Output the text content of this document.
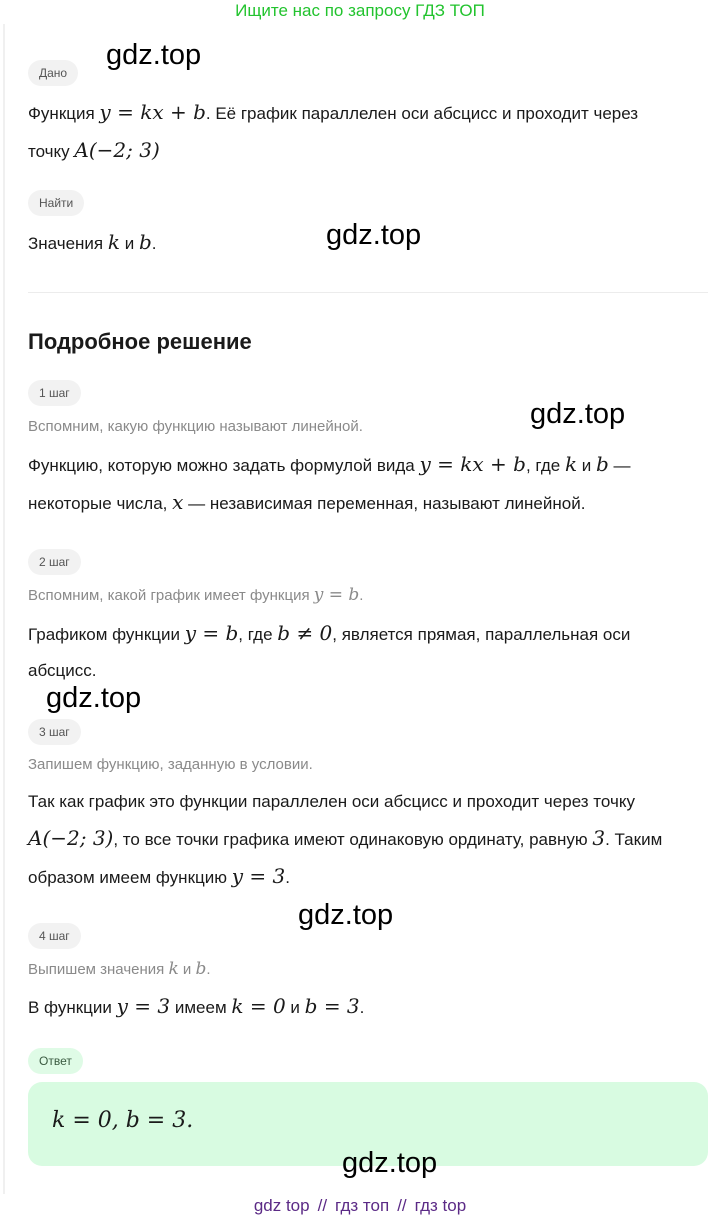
Ищите нас по запросу ГДЗ ТОП
Дано
Функция y = kx + b. Её график параллелен оси абсцисс и проходит через
точку A(−2; 3)
Найти
Значения k и b.
Подробное решение
1 шаг
Вспомним, какую функцию называют линейной.
Функцию, которую можно задать формулой вида y = kx + b, где k и b —
некоторые числа, x — независимая переменная, называют линейной.
2 шаг
Вспомним, какой график имеет функция y = b.
Графиком функции y = b, где b ≠ 0, является прямая, параллельная оси
абсцисс.
3 шаг
Запишем функцию, заданную в условии.
Так как график это функции параллелен оси абсцисс и проходит через точку
A(−2; 3), то все точки графика имеют одинаковую ординату, равную 3. Таким
образом имеем функцию y = 3.
4 шаг
Выпишем значения k и b.
В функции y = 3 имеем k = 0 и b = 3.
Ответ
k = 0, b = 3.
gdz.top
gdz.top
gdz.top
gdz.top
gdz.top
gdz.top
gdz top // гдз топ // гдз top
